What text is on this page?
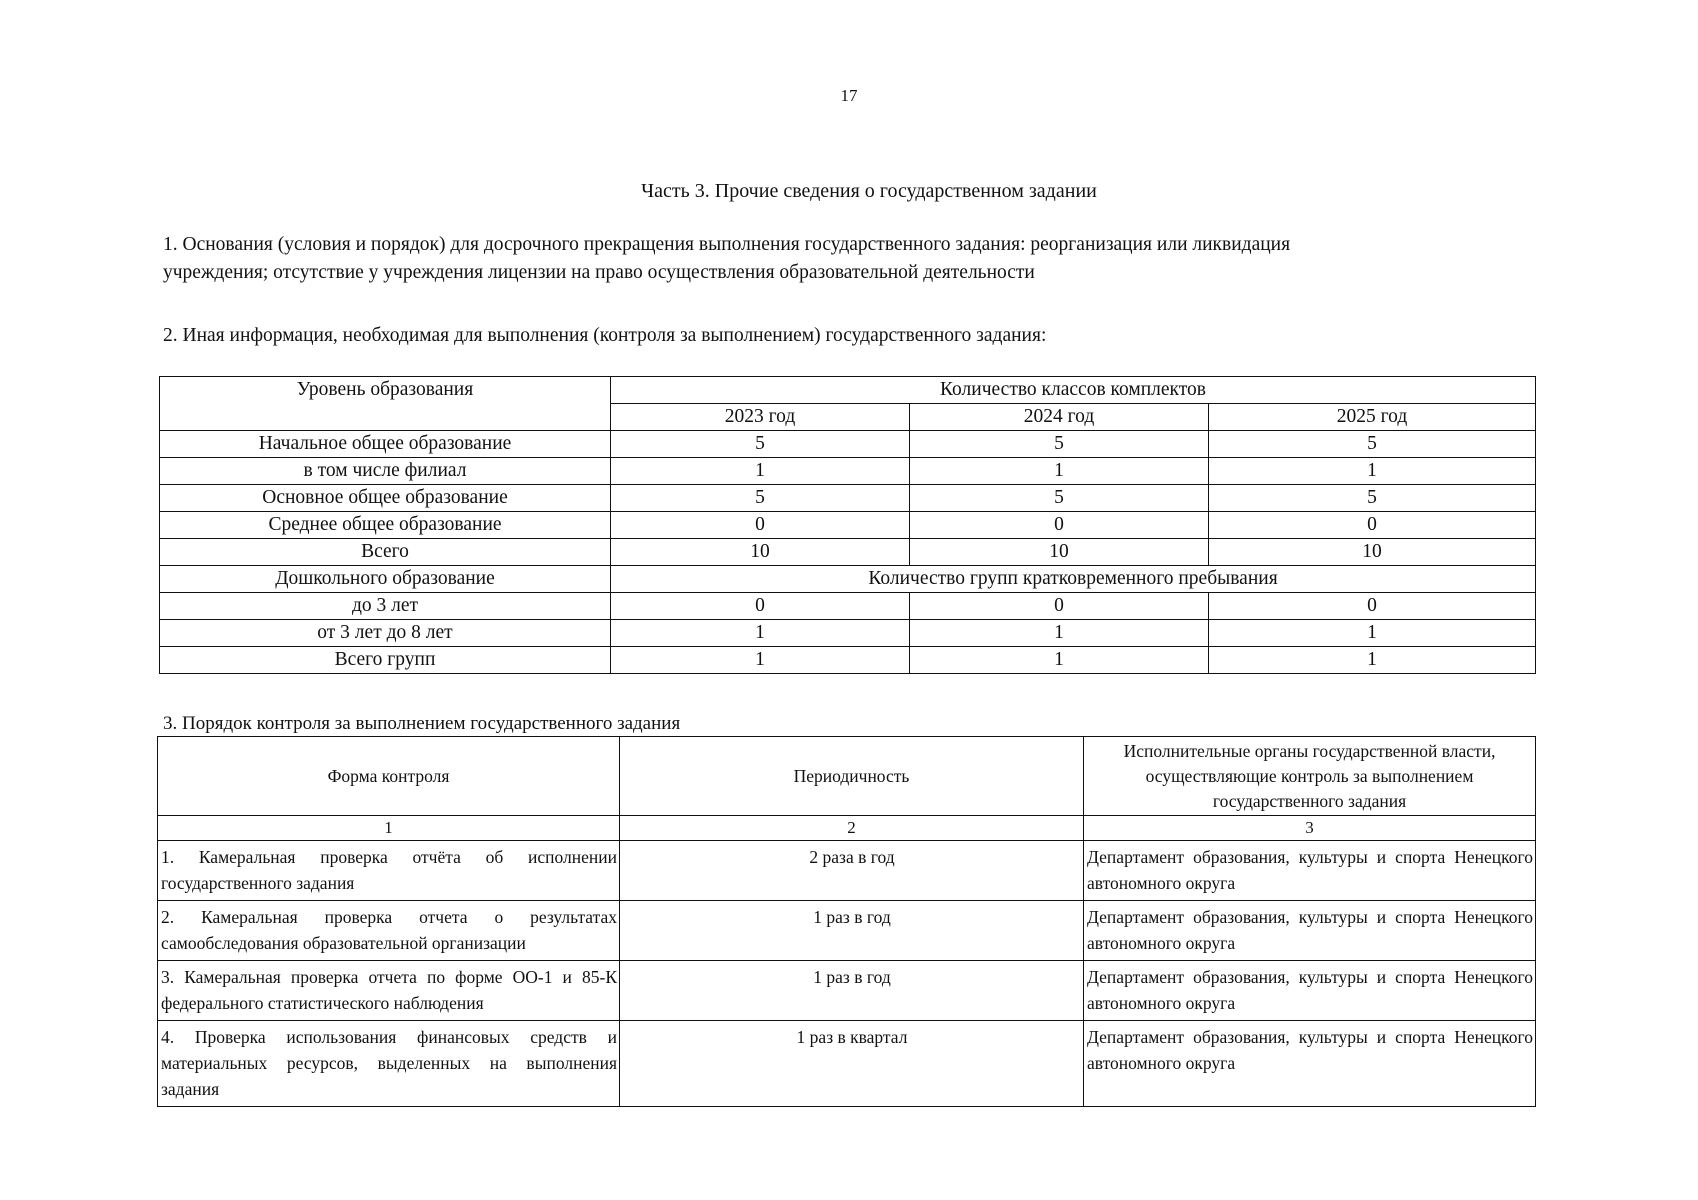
17
Часть 3. Прочие сведения о государственном задании
1. Основания (условия и порядок) для досрочного прекращения выполнения государственного задания: реорганизация или ликвидация
учреждения; отсутствие у учреждения лицензии на право осуществления образовательной деятельности
2. Иная информация, необходимая для выполнения (контроля за выполнением) государственного задания:
Уровень образования	Количество классов комплектов		
	2023 год	2024 год	2025 год
Начальное общее образование	5	5	5
в том числе филиал	1	1	1
Основное общее образование	5	5	5
Среднее общее образование	0	0	0
Всего	10	10	10
Дошкольного образование	Количество групп кратковременного пребывания		
до 3 лет	0	0	0
от 3 лет до 8 лет	1	1	1
Всего групп	1	1	1
3. Порядок контроля за выполнением государственного задания
Форма контроля	Периодичность	Исполнительные органы государственной власти, осуществляющие контроль за выполнением государственного задания
1	2	3
1. Камеральная проверка отчёта об исполнении государственного задания	2 раза в год	Департамент образования, культуры и спорта Ненецкого автономного округа
2. Камеральная проверка отчета о результатах самообследования образовательной организации	1 раз в год	Департамент образования, культуры и спорта Ненецкого автономного округа
3. Камеральная проверка отчета по форме ОО-1 и 85-К федерального статистического наблюдения	1 раз в год	Департамент образования, культуры и спорта Ненецкого автономного округа
4. Проверка использования финансовых средств и материальных ресурсов, выделенных на выполнения задания	1 раз в квартал	Департамент образования, культуры и спорта Ненецкого автономного округа
